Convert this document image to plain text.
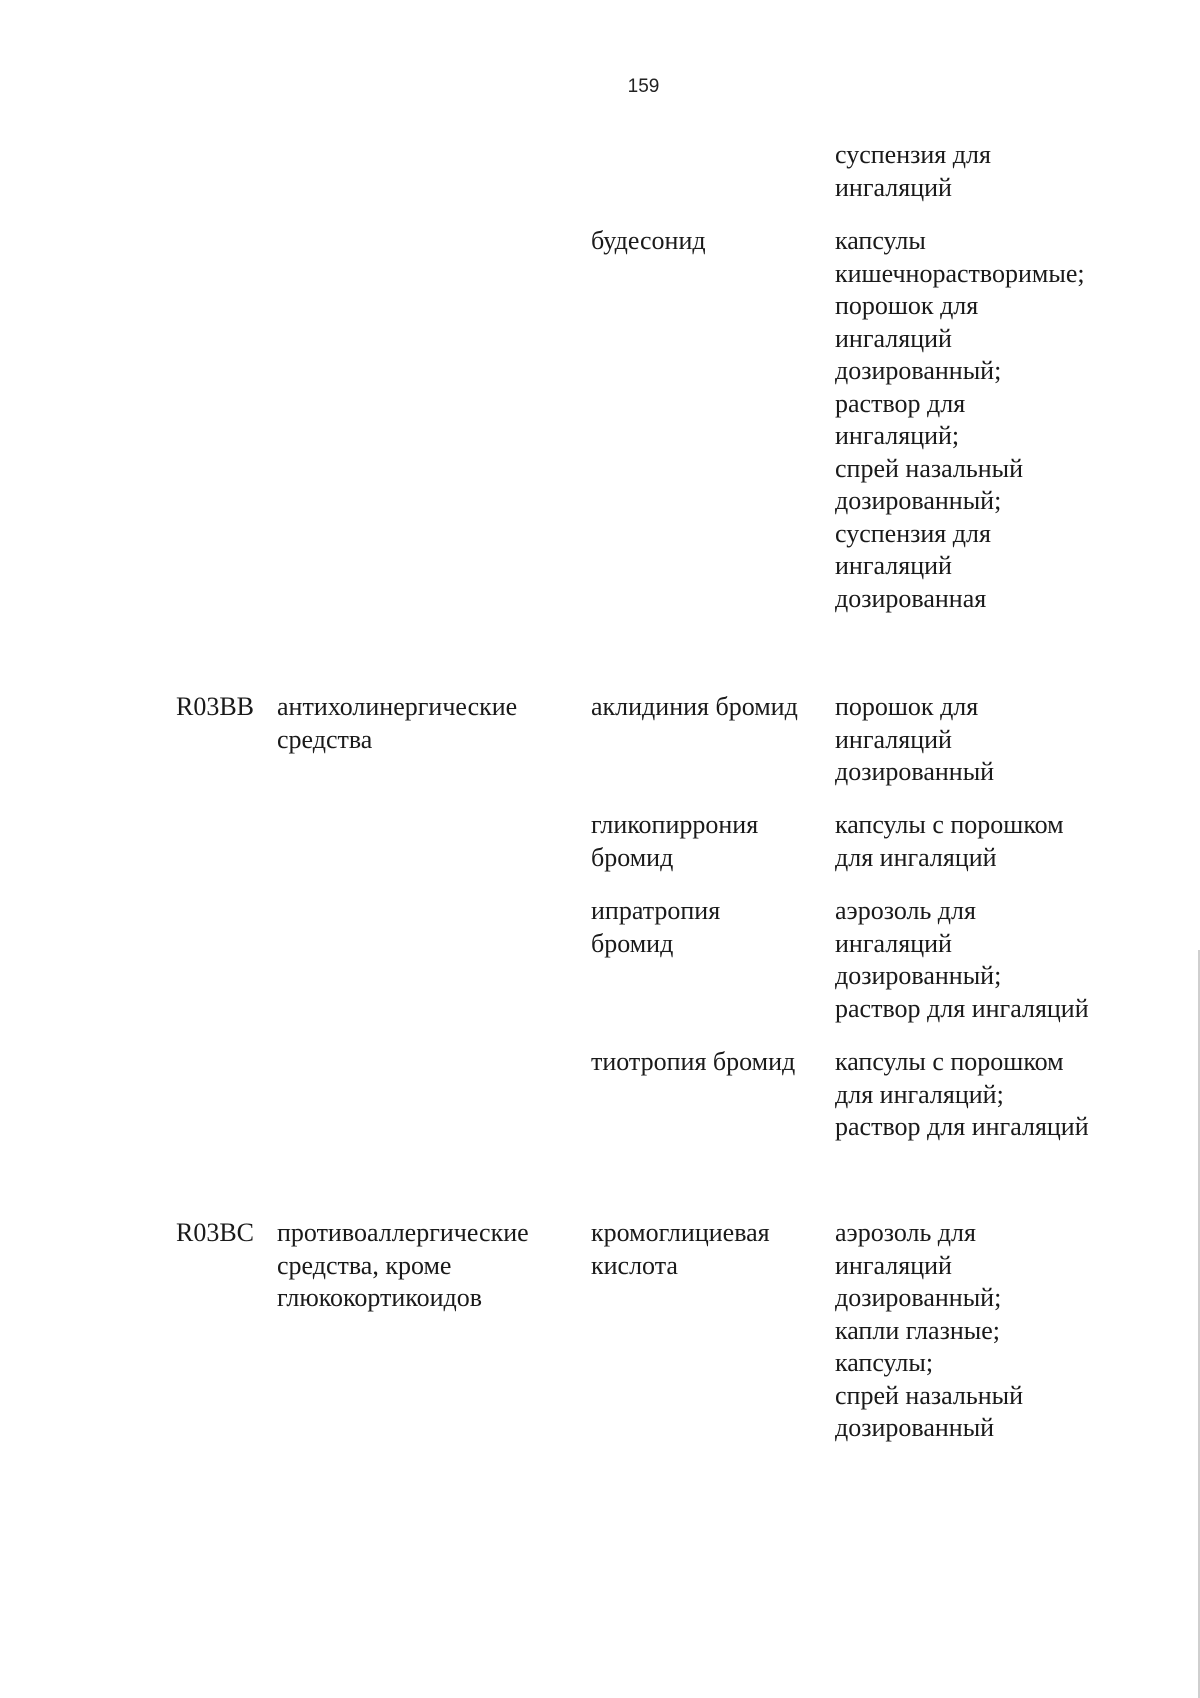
159
суспензия для
ингаляций
будесонид	капсулы
кишечнорастворимые;
порошок для
ингаляций
дозированный;
раствор для
ингаляций;
спрей назальный
дозированный;
суспензия для
ингаляций
дозированная
R03BB антихолинергические
средства
аклидиния бромид порошок для
ингаляций
дозированный
гликопиррония
бромид
капсулы с порошком
для ингаляций
ипратропия
бромид
аэрозоль для
ингаляций
дозированный;
раствор для ингаляций
тиотропия бромид капсулы с порошком
для ингаляций;
раствор для ингаляций
R03BC противоаллергические
средства, кроме
глюкокортикоидов
кромоглициевая
кислота
аэрозоль для
ингаляций
дозированный;
капли глазные;
капсулы;
спрей назальный
дозированный
